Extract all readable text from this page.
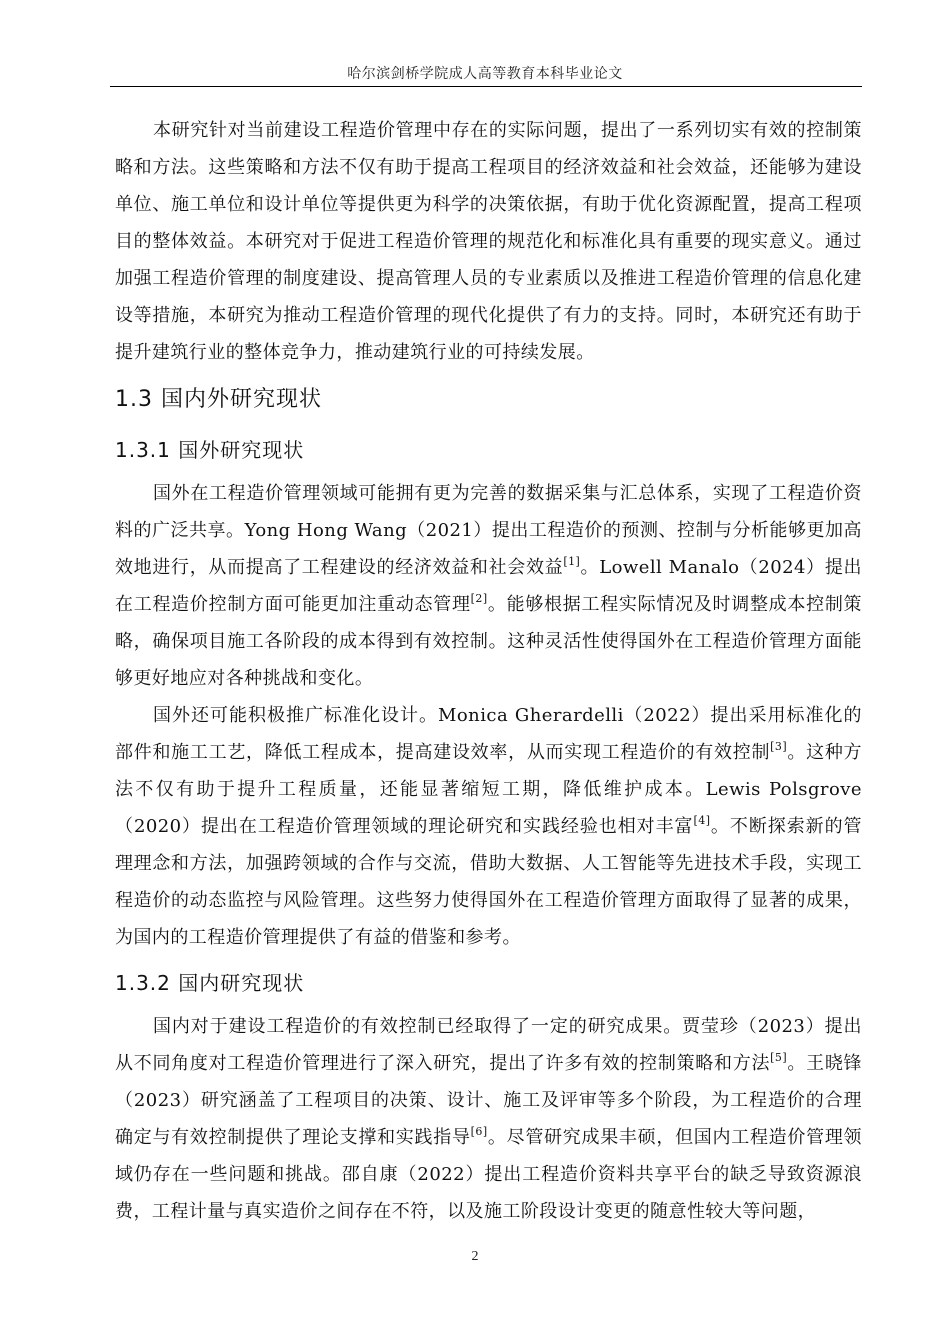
哈尔滨剑桥学院成人高等教育本科毕业论文

本研究针对当前建设工程造价管理中存在的实际问题，提出了一系列切实有效的控制策略和方法。这些策略和方法不仅有助于提高工程项目的经济效益和社会效益，还能够为建设单位、施工单位和设计单位等提供更为科学的决策依据，有助于优化资源配置，提高工程项目的整体效益。本研究对于促进工程造价管理的规范化和标准化具有重要的现实意义。通过加强工程造价管理的制度建设、提高管理人员的专业素质以及推进工程造价管理的信息化建设等措施，本研究为推动工程造价管理的现代化提供了有力的支持。同时，本研究还有助于提升建筑行业的整体竞争力，推动建筑行业的可持续发展。

1.3 国内外研究现状
1.3.1 国外研究现状

国外在工程造价管理领域可能拥有更为完善的数据采集与汇总体系，实现了工程造价资料的广泛共享。Yong Hong Wang（2021）提出工程造价的预测、控制与分析能够更加高效地进行，从而提高了工程建设的经济效益和社会效益[1]。Lowell Manalo（2024）提出在工程造价控制方面可能更加注重动态管理[2]。能够根据工程实际情况及时调整成本控制策略，确保项目施工各阶段的成本得到有效控制。这种灵活性使得国外在工程造价管理方面能够更好地应对各种挑战和变化。

国外还可能积极推广标准化设计。Monica Gherardelli（2022）提出采用标准化的部件和施工工艺，降低工程成本，提高建设效率，从而实现工程造价的有效控制[3]。这种方法不仅有助于提升工程质量，还能显著缩短工期，降低维护成本。Lewis Polsgrove（2020）提出在工程造价管理领域的理论研究和实践经验也相对丰富[4]。不断探索新的管理理念和方法，加强跨领域的合作与交流，借助大数据、人工智能等先进技术手段，实现工程造价的动态监控与风险管理。这些努力使得国外在工程造价管理方面取得了显著的成果，为国内的工程造价管理提供了有益的借鉴和参考。

1.3.2 国内研究现状

国内对于建设工程造价的有效控制已经取得了一定的研究成果。贾莹珍（2023）提出从不同角度对工程造价管理进行了深入研究，提出了许多有效的控制策略和方法[5]。王晓锋（2023）研究涵盖了工程项目的决策、设计、施工及评审等多个阶段，为工程造价的合理确定与有效控制提供了理论支撑和实践指导[6]。尽管研究成果丰硕，但国内工程造价管理领域仍存在一些问题和挑战。邵自康（2022）提出工程造价资料共享平台的缺乏导致资源浪费，工程计量与真实造价之间存在不符，以及施工阶段设计变更的随意性较大等问题，

2
